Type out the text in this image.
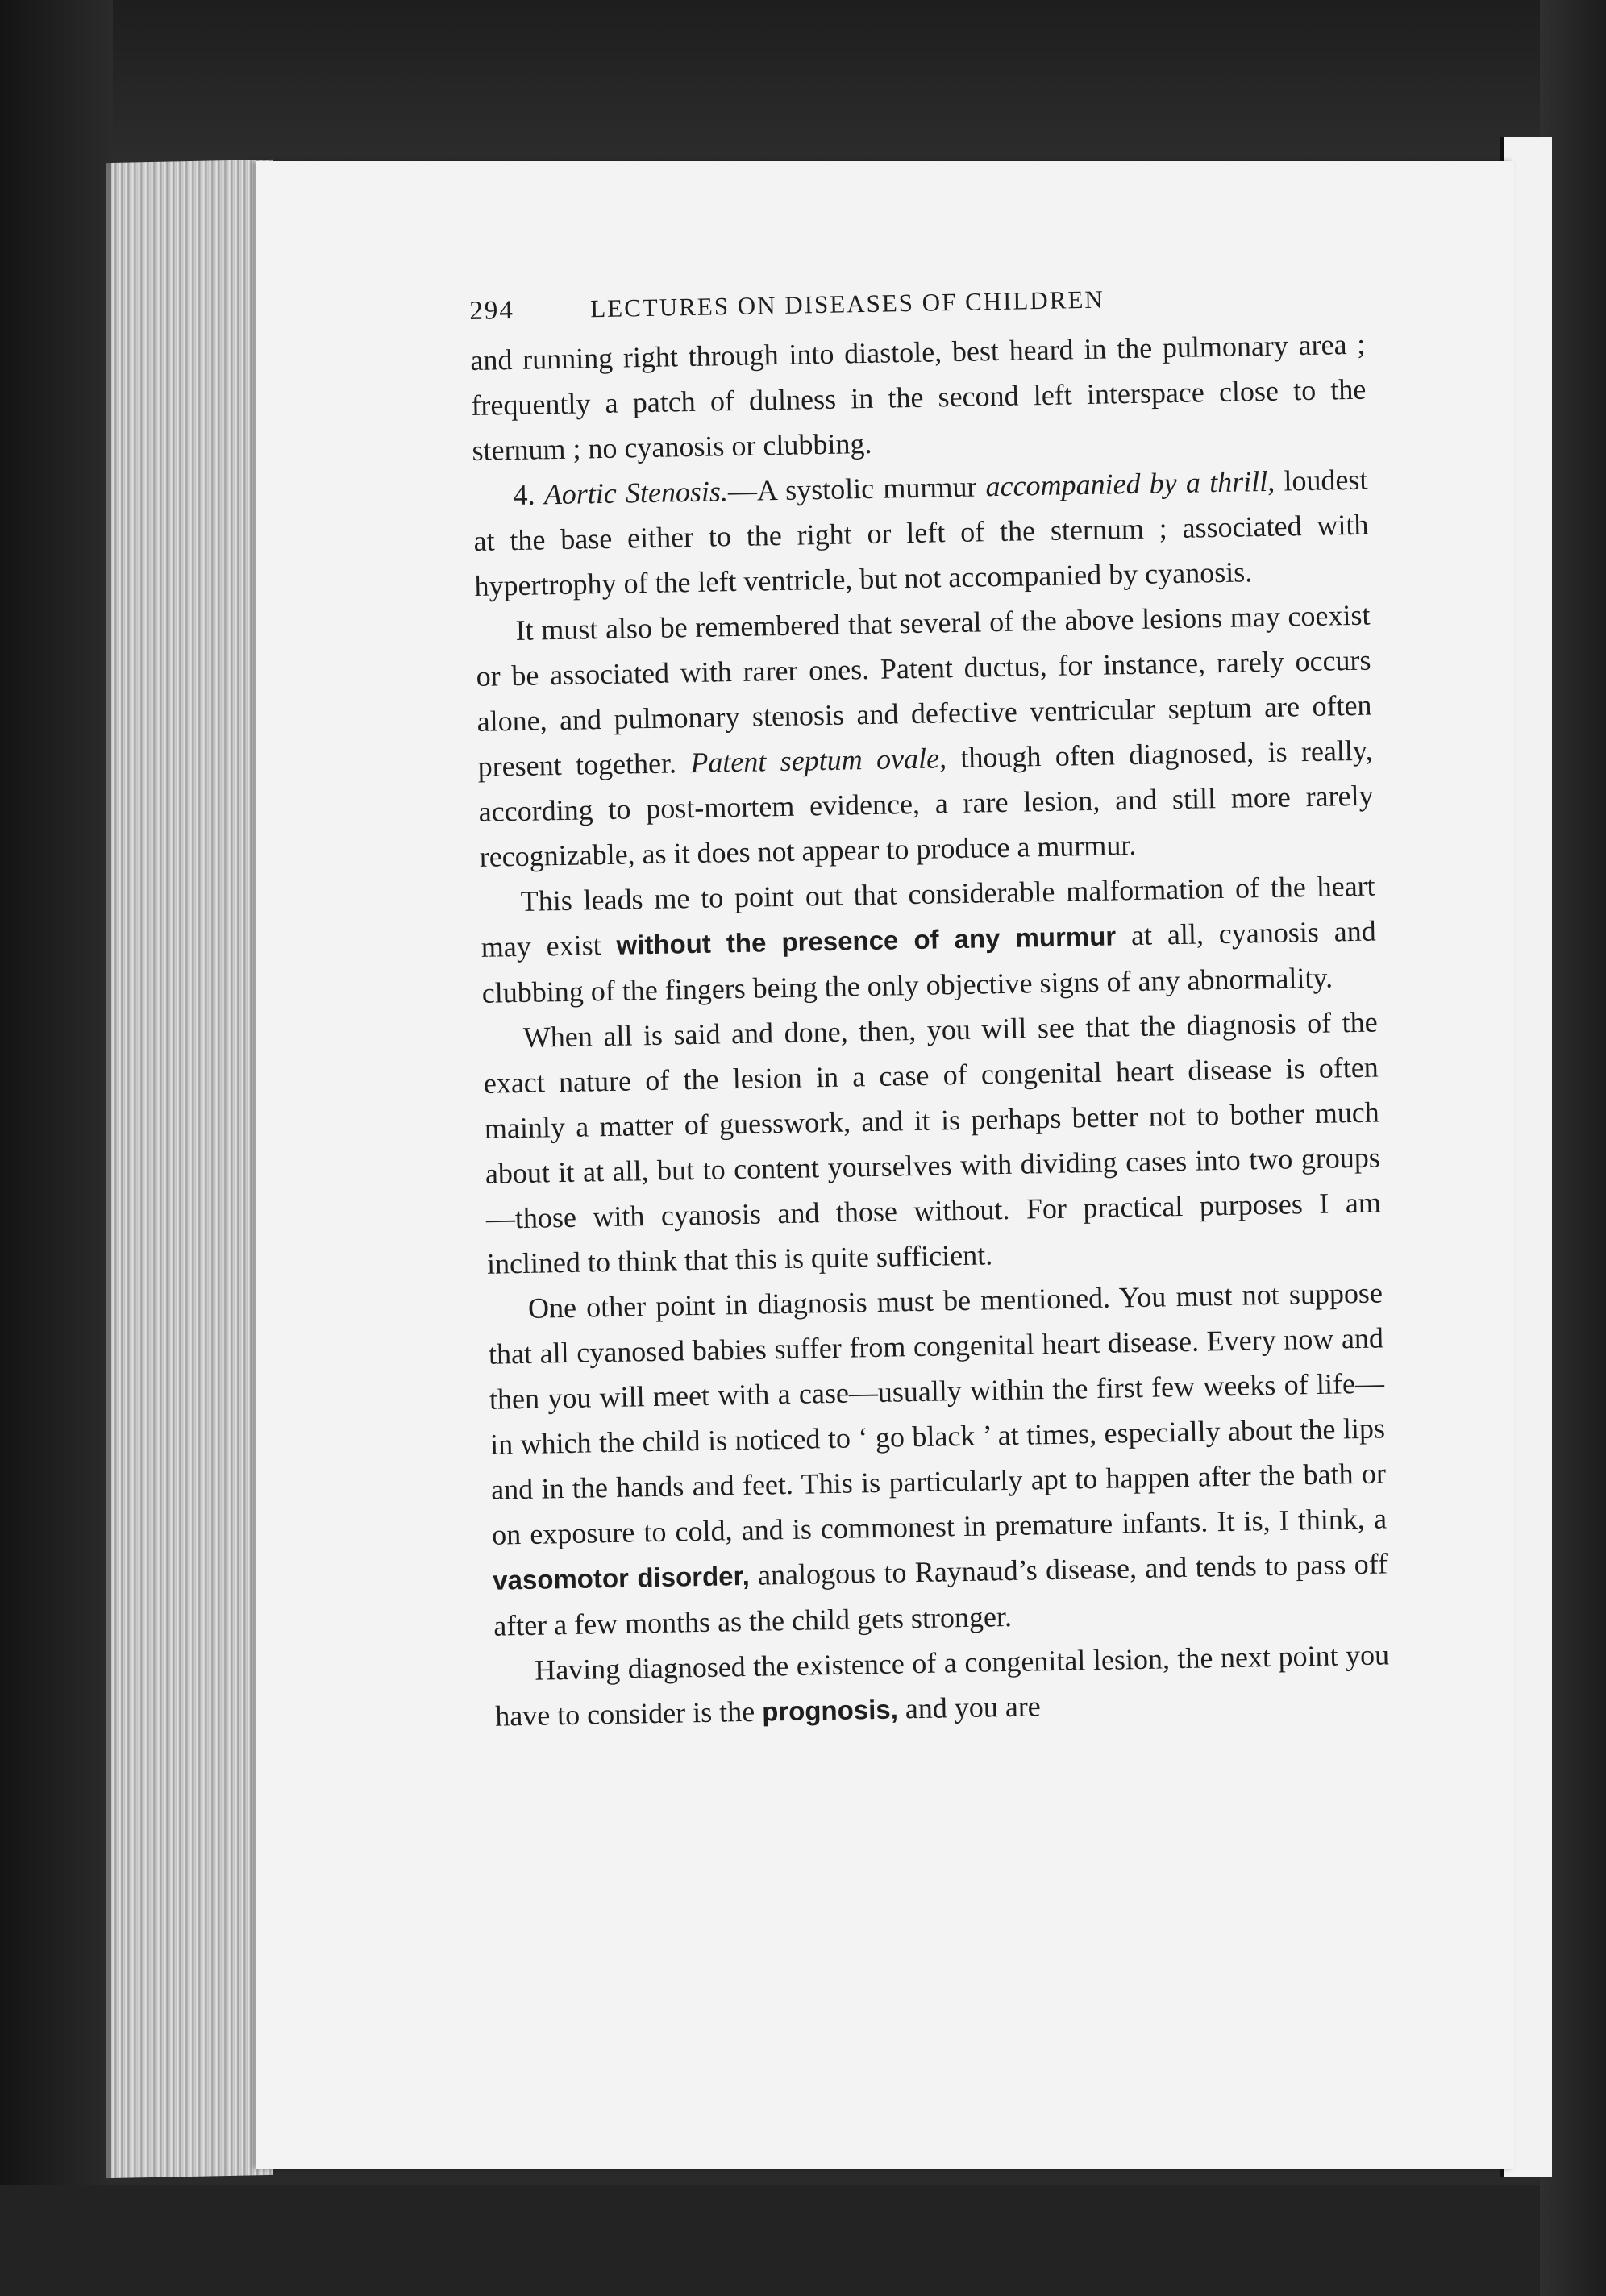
294	LECTURES ON DISEASES OF CHILDREN

and running right through into diastole, best heard in the pulmonary area ; frequently a patch of dulness in the second left interspace close to the sternum ; no cyanosis or clubbing.

4. Aortic Stenosis.—A systolic murmur accompanied by a thrill, loudest at the base either to the right or left of the sternum ; associated with hypertrophy of the left ventricle, but not accompanied by cyanosis.

It must also be remembered that several of the above lesions may coexist or be associated with rarer ones. Patent ductus, for instance, rarely occurs alone, and pulmonary stenosis and defective ventricular septum are often present together. Patent septum ovale, though often diagnosed, is really, according to post-mortem evidence, a rare lesion, and still more rarely recognizable, as it does not appear to produce a murmur.

This leads me to point out that considerable malformation of the heart may exist without the presence of any murmur at all, cyanosis and clubbing of the fingers being the only objective signs of any abnormality.

When all is said and done, then, you will see that the diagnosis of the exact nature of the lesion in a case of congenital heart disease is often mainly a matter of guesswork, and it is perhaps better not to bother much about it at all, but to content yourselves with dividing cases into two groups —those with cyanosis and those without. For practical purposes I am inclined to think that this is quite sufficient.

One other point in diagnosis must be mentioned. You must not suppose that all cyanosed babies suffer from congenital heart disease. Every now and then you will meet with a case—usually within the first few weeks of life—in which the child is noticed to ‘ go black ’ at times, especially about the lips and in the hands and feet. This is particularly apt to happen after the bath or on exposure to cold, and is commonest in premature infants. It is, I think, a vasomotor disorder, analogous to Raynaud’s disease, and tends to pass off after a few months as the child gets stronger.

Having diagnosed the existence of a congenital lesion, the next point you have to consider is the prognosis, and you are
